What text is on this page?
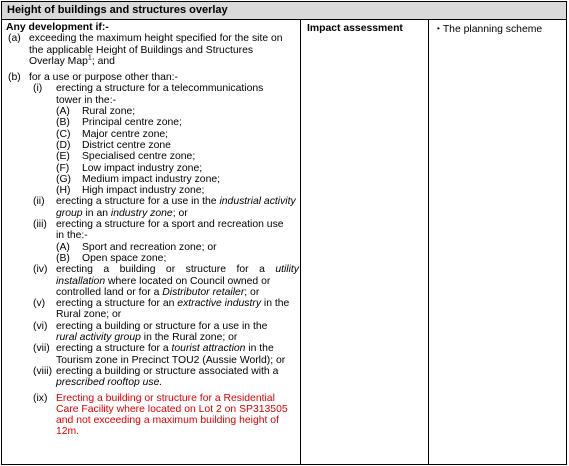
Height of buildings and structures overlay
Any development if:-
(a) exceeding the maximum height specified for the site on
the applicable Height of Buildings and Structures
Overlay Map$^1$; and
(b) for a use or purpose other than:-
(i) erecting a structure for a telecommunications
tower in the:-
(A) Rural zone;
(B) Principal centre zone;
(C) Major centre zone;
(D) District centre zone
(E) Specialised centre zone;
(F) Low impact industry zone;
(G) Medium impact industry zone;
(H) High impact industry zone;
(ii) erecting a structure for a use in the industrial activity
group in an industry zone; or
(iii) erecting a structure for a sport and recreation use
in the:-
(A) Sport and recreation zone; or
(B) Open space zone;
(iv) erecting a building or structure for a utility
installation where located on Council owned or
controlled land or for a Distributor retailer; or
(v) erecting a structure for an extractive industry in the
Rural zone; or
(vi) erecting a building or structure for a use in the
rural activity group in the Rural zone; or
(vii) erecting a structure for a tourist attraction in the
Tourism zone in Precinct TOU2 (Aussie World); or
(viii) erecting a building or structure associated with a
prescribed rooftop use.
(ix) Erecting a building or structure for a Residential
Care Facility where located on Lot 2 on SP313505
and not exceeding a maximum building height of
12m.
Impact assessment	• The planning scheme
